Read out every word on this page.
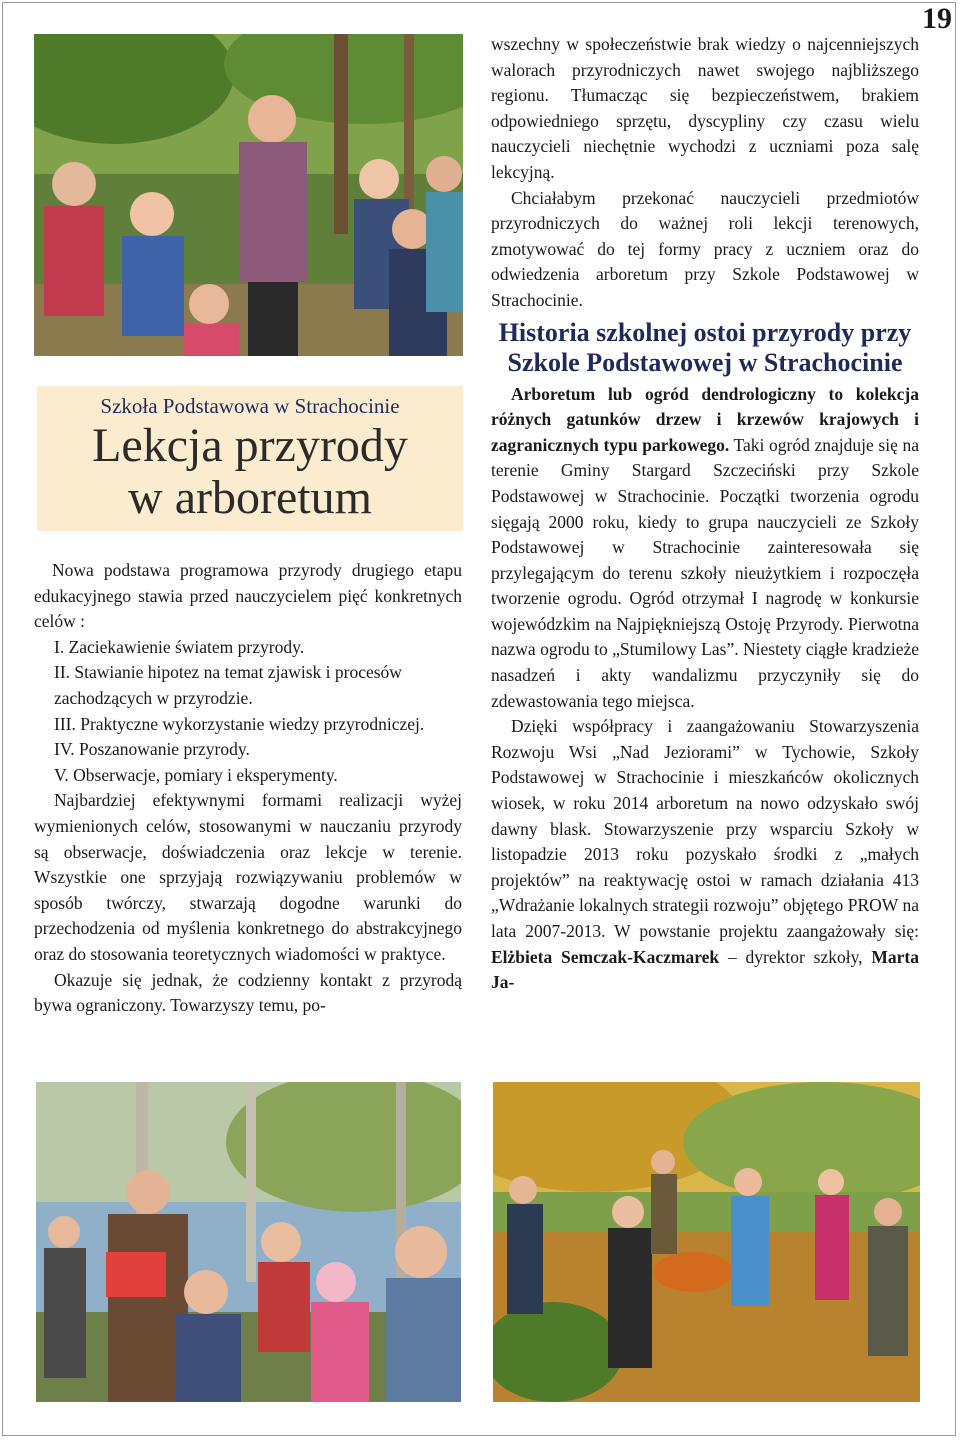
19
Szkoła Podstawowa w Strachocinie
Lekcja przyrody
w arboretum

Nowa podstawa programowa przyrody drugiego etapu edukacyjnego stawia przed nauczycielem pięć konkretnych celów :

I. Zaciekawienie światem przyrody.

II. Stawianie hipotez na temat zjawisk i procesów zachodzących w przyrodzie.

III. Praktyczne wykorzystanie wiedzy przyrodniczej.

IV. Poszanowanie przyrody.

V. Obserwacje, pomiary i eksperymenty.

Najbardziej efektywnymi formami realizacji wyżej wymienionych celów, stosowanymi w nauczaniu przyrody są obserwacje, doświadczenia oraz lekcje w terenie. Wszystkie one sprzyjają rozwiązywaniu problemów w sposób twórczy, stwarzają dogodne warunki do przechodzenia od myślenia konkretnego do abstrakcyjnego oraz do stosowania teoretycznych wiadomości w praktyce.

Okazuje się jednak, że codzienny kontakt z przyrodą bywa ograniczony. Towarzyszy temu, po-

wszechny w społeczeństwie brak wiedzy o najcenniejszych walorach przyrodniczych nawet swojego najbliższego regionu. Tłumacząc się bezpieczeństwem, brakiem odpowiedniego sprzętu, dyscypliny czy czasu wielu nauczycieli niechętnie wychodzi z uczniami poza salę lekcyjną.

Chciałabym przekonać nauczycieli przedmiotów przyrodniczych do ważnej roli lekcji terenowych, zmotywować do tej formy pracy z uczniem oraz do odwiedzenia arboretum przy Szkole Podstawowej w Strachocinie.

Historia szkolnej ostoi przyrody przy Szkole Podstawowej w Strachocinie

Arboretum lub ogród dendrologiczny to kolekcja różnych gatunków drzew i krzewów krajowych i zagranicznych typu parkowego. Taki ogród znajduje się na terenie Gminy Stargard Szczeciński przy Szkole Podstawowej w Strachocinie. Początki tworzenia ogrodu sięgają 2000 roku, kiedy to grupa nauczycieli ze Szkoły Podstawowej w Strachocinie zainteresowała się przylegającym do terenu szkoły nieużytkiem i rozpoczęła tworzenie ogrodu. Ogród otrzymał I nagrodę w konkursie wojewódzkim na Najpiękniejszą Ostoję Przyrody. Pierwotna nazwa ogrodu to „Stumilowy Las”. Niestety ciągłe kradzieże nasadzeń i akty wandalizmu przyczyniły się do zdewastowania tego miejsca.

Dzięki współpracy i zaangażowaniu Stowarzyszenia Rozwoju Wsi „Nad Jeziorami” w Tychowie, Szkoły Podstawowej w Strachocinie i mieszkańców okolicznych wiosek, w roku 2014 arboretum na nowo odzyskało swój dawny blask. Stowarzyszenie przy wsparciu Szkoły w listopadzie 2013 roku pozyskało środki z „małych projektów” na reaktywację ostoi w ramach działania 413 „Wdrażanie lokalnych strategii rozwoju” objętego PROW na lata 2007-2013. W powstanie projektu zaangażowały się: Elżbieta Semczak-Kaczmarek – dyrektor szkoły, Marta Ja-
